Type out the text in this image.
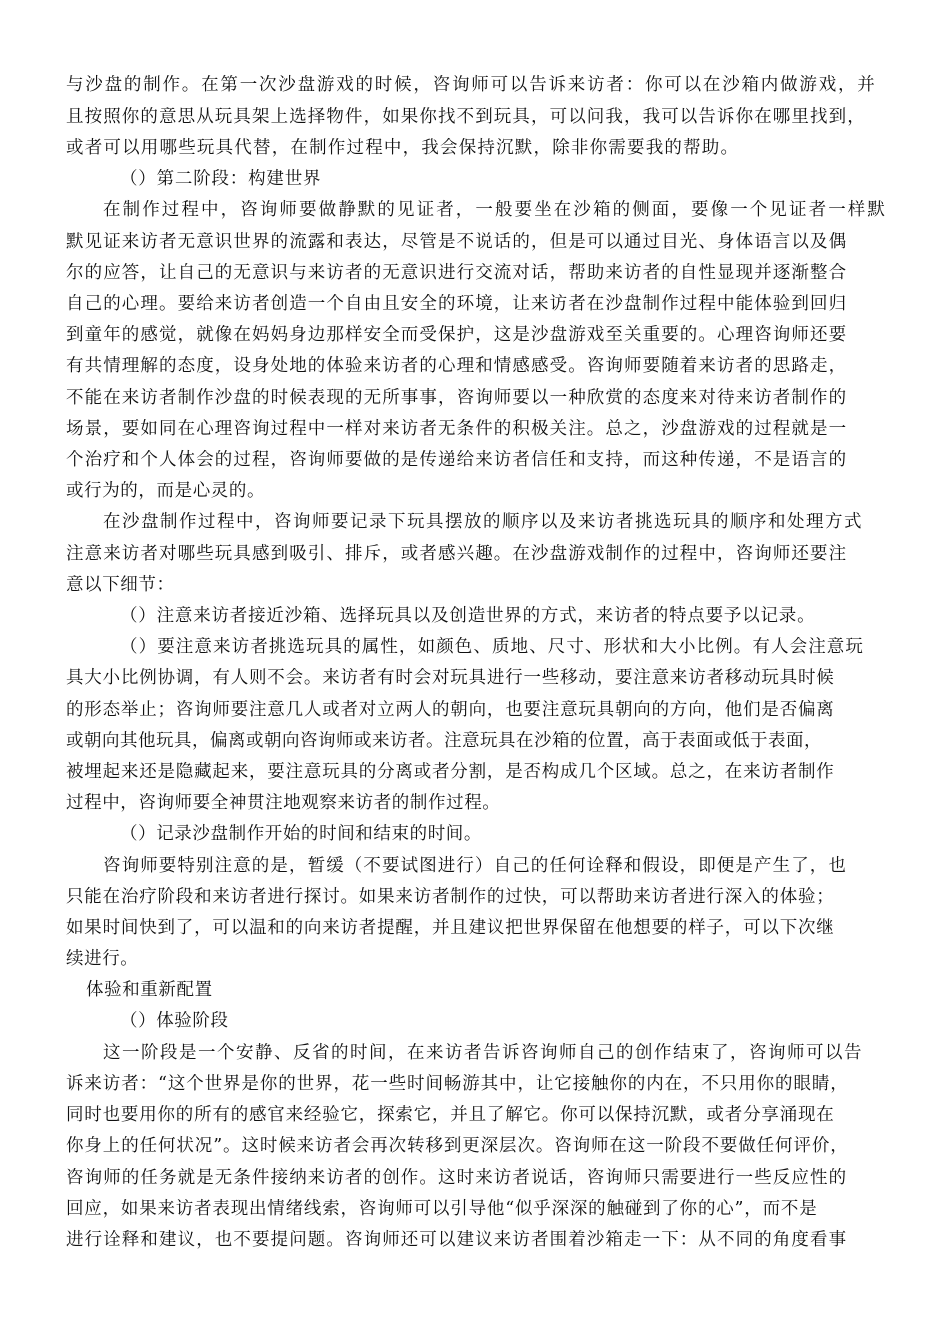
与沙盘的制作。在第一次沙盘游戏的时候，咨询师可以告诉来访者：你可以在沙箱内做游戏，并
且按照你的意思从玩具架上选择物件，如果你找不到玩具，可以问我，我可以告诉你在哪里找到，
或者可以用哪些玩具代替，在制作过程中，我会保持沉默，除非你需要我的帮助。
（）第二阶段：构建世界
在制作过程中，咨询师要做静默的见证者，一般要坐在沙箱的侧面，要像一个见证者一样默
默见证来访者无意识世界的流露和表达，尽管是不说话的，但是可以通过目光、身体语言以及偶
尔的应答，让自己的无意识与来访者的无意识进行交流对话，帮助来访者的自性显现并逐渐整合
自己的心理。要给来访者创造一个自由且安全的环境，让来访者在沙盘制作过程中能体验到回归
到童年的感觉，就像在妈妈身边那样安全而受保护，这是沙盘游戏至关重要的。心理咨询师还要
有共情理解的态度，设身处地的体验来访者的心理和情感感受。咨询师要随着来访者的思路走，
不能在来访者制作沙盘的时候表现的无所事事，咨询师要以一种欣赏的态度来对待来访者制作的
场景，要如同在心理咨询过程中一样对来访者无条件的积极关注。总之，沙盘游戏的过程就是一
个治疗和个人体会的过程，咨询师要做的是传递给来访者信任和支持，而这种传递，不是语言的
或行为的，而是心灵的。
在沙盘制作过程中，咨询师要记录下玩具摆放的顺序以及来访者挑选玩具的顺序和处理方式
注意来访者对哪些玩具感到吸引、排斥，或者感兴趣。在沙盘游戏制作的过程中，咨询师还要注
意以下细节：
（）注意来访者接近沙箱、选择玩具以及创造世界的方式，来访者的特点要予以记录。
（）要注意来访者挑选玩具的属性，如颜色、质地、尺寸、形状和大小比例。有人会注意玩
具大小比例协调，有人则不会。来访者有时会对玩具进行一些移动，要注意来访者移动玩具时候
的形态举止；咨询师要注意几人或者对立两人的朝向，也要注意玩具朝向的方向，他们是否偏离
或朝向其他玩具，偏离或朝向咨询师或来访者。注意玩具在沙箱的位置，高于表面或低于表面，
被埋起来还是隐藏起来，要注意玩具的分离或者分割，是否构成几个区域。总之，在来访者制作
过程中，咨询师要全神贯注地观察来访者的制作过程。
（）记录沙盘制作开始的时间和结束的时间。
咨询师要特别注意的是，暂缓（不要试图进行）自己的任何诠释和假设，即便是产生了，也
只能在治疗阶段和来访者进行探讨。如果来访者制作的过快，可以帮助来访者进行深入的体验；
如果时间快到了，可以温和的向来访者提醒，并且建议把世界保留在他想要的样子，可以下次继
续进行。
体验和重新配置
（）体验阶段
这一阶段是一个安静、反省的时间，在来访者告诉咨询师自己的创作结束了，咨询师可以告
诉来访者：“这个世界是你的世界，花一些时间畅游其中，让它接触你的内在，不只用你的眼睛，
同时也要用你的所有的感官来经验它，探索它，并且了解它。你可以保持沉默，或者分享涌现在
你身上的任何状况”。这时候来访者会再次转移到更深层次。咨询师在这一阶段不要做任何评价，
咨询师的任务就是无条件接纳来访者的创作。这时来访者说话，咨询师只需要进行一些反应性的
回应，如果来访者表现出情绪线索，咨询师可以引导他“似乎深深的触碰到了你的心”，而不是
进行诠释和建议，也不要提问题。咨询师还可以建议来访者围着沙箱走一下：从不同的角度看事
